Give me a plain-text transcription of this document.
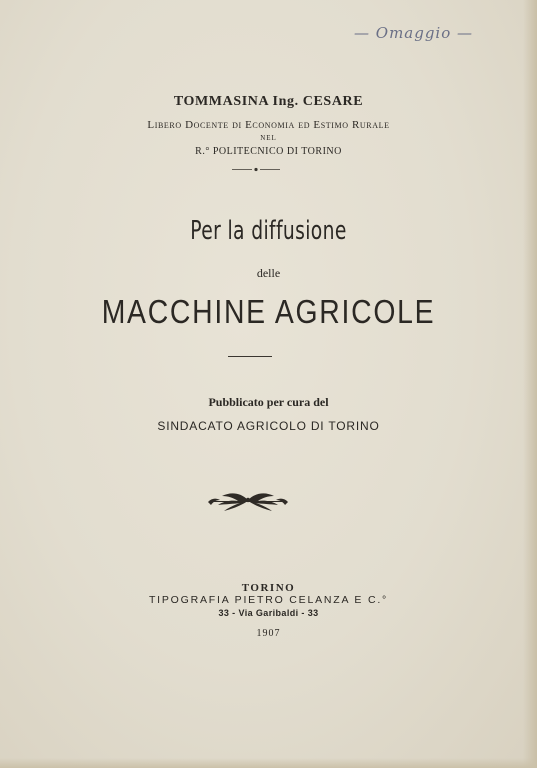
— Omaggio —
TOMMASINA Ing. CESARE
Libero Docente di Economia ed Estimo Rurale
NEL
R.° POLITECNICO DI TORINO
Per la diffusione
delle
MACCHINE AGRICOLE
Pubblicato per cura del
SINDACATO AGRICOLO DI TORINO
TORINO
TIPOGRAFIA PIETRO CELANZA E C.°
33 - Via Garibaldi - 33
1907
